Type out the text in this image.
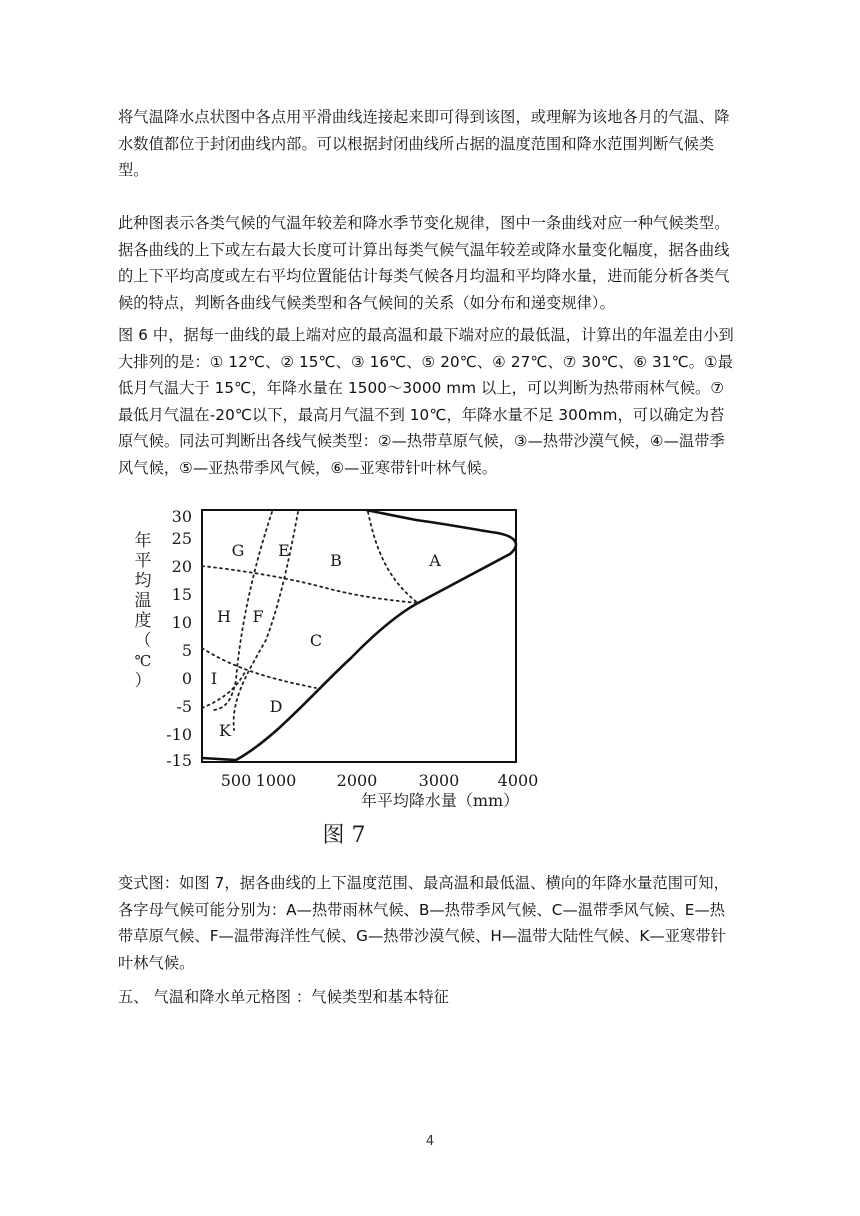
将气温降水点状图中各点用平滑曲线连接起来即可得到该图，或理解为该地各月的气温、降水数值都位于封闭曲线内部。可以根据封闭曲线所占据的温度范围和降水范围判断气候类型。

此种图表示各类气候的气温年较差和降水季节变化规律，图中一条曲线对应一种气候类型。据各曲线的上下或左右最大长度可计算出每类气候气温年较差或降水量变化幅度，据各曲线的上下平均高度或左右平均位置能估计每类气候各月均温和平均降水量，进而能分析各类气候的特点，判断各曲线气候类型和各气候间的关系（如分布和递变规律）。

图 6 中，据每一曲线的最上端对应的最高温和最下端对应的最低温，计算出的年温差由小到大排列的是：① 12℃、② 15℃、③ 16℃、⑤ 20℃、④ 27℃、⑦ 30℃、⑥ 31℃。①最低月气温大于 15℃，年降水量在 1500～3000 mm 以上，可以判断为热带雨林气候。⑦最低月气温在-20℃以下，最高月气温不到 10℃，年降水量不足 300mm，可以确定为苔原气候。同法可判断出各线气候类型：②—热带草原气候，③—热带沙漠气候，④—温带季风气候，⑤—亚热带季风气候，⑥—亚寒带针叶林气候。

年
平
均
温
度
（
℃
）
30
25
20
15
10
5
0
-5
-10
-15
500 1000	2000	3000 4000
年平均降水量（mm）
A
B
C
D
E
F
G
H
I
K
图 7

变式图：如图 7，据各曲线的上下温度范围、最高温和最低温、横向的年降水量范围可知，各字母气候可能分别为：A—热带雨林气候、B—热带季风气候、C—温带季风气候、E—热带草原气候、F—温带海洋性气候、G—热带沙漠气候、H—温带大陆性气候、K—亚寒带针叶林气候。

五、 气温和降水单元格图 ：气候类型和基本特征

4
